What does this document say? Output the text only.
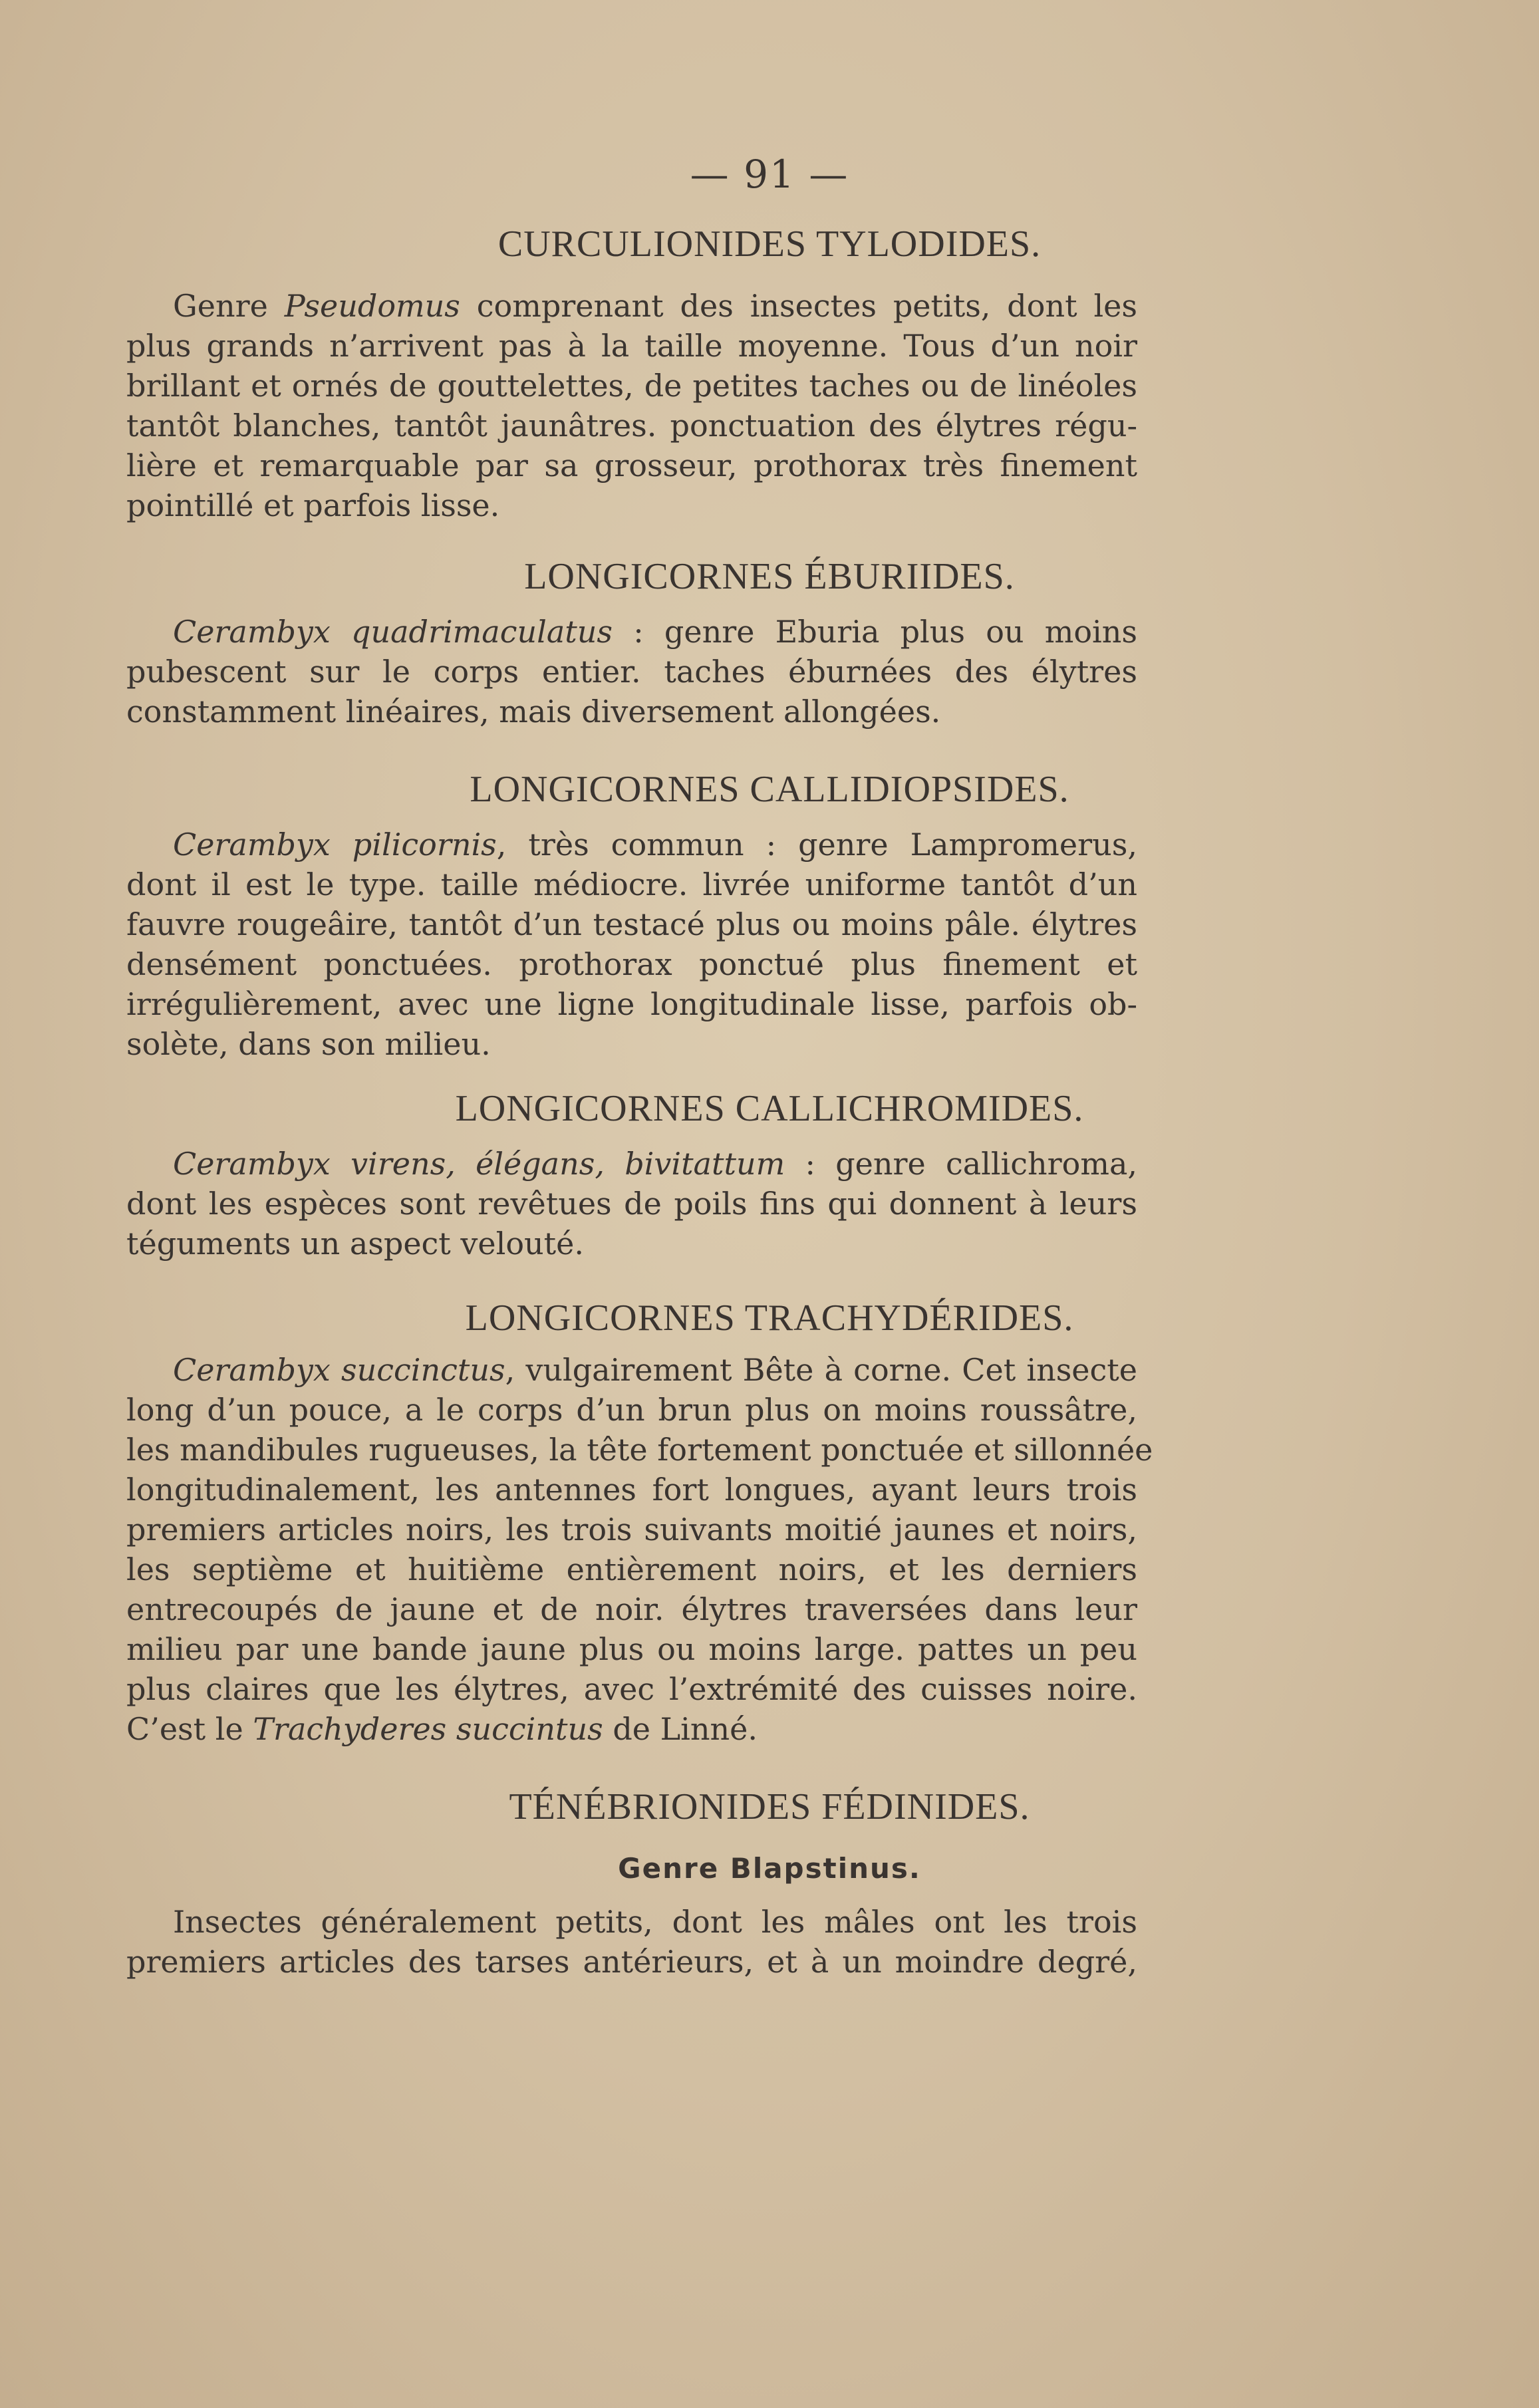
— 91 —
CURCULIONIDES TYLODIDES.
Genre Pseudomus comprenant des insectes petits, dont les
plus grands n’arrivent pas à la taille moyenne. Tous d’un noir
brillant et ornés de gouttelettes, de petites taches ou de linéoles
tantôt blanches, tantôt jaunâtres. ponctuation des élytres régu-
lière et remarquable par sa grosseur, prothorax très finement
pointillé et parfois lisse.
LONGICORNES ÉBURIIDES.
Cerambyx quadrimaculatus : genre Eburia plus ou moins
pubescent sur le corps entier. taches éburnées des élytres
constamment linéaires, mais diversement allongées.
LONGICORNES CALLIDIOPSIDES.
Cerambyx pilicornis, très commun : genre Lampromerus,
dont il est le type. taille médiocre. livrée uniforme tantôt d’un
fauvre rougeâire, tantôt d’un testacé plus ou moins pâle. élytres
densément ponctuées. prothorax ponctué plus finement et
irrégulièrement, avec une ligne longitudinale lisse, parfois ob-
solète, dans son milieu.
LONGICORNES CALLICHROMIDES.
Cerambyx virens, élégans, bivitattum : genre callichroma,
dont les espèces sont revêtues de poils fins qui donnent à leurs
téguments un aspect velouté.
LONGICORNES TRACHYDÉRIDES.
Cerambyx succinctus, vulgairement Bête à corne. Cet insecte
long d’un pouce, a le corps d’un brun plus on moins roussâtre,
les mandibules rugueuses, la tête fortement ponctuée et sillonnée
longitudinalement, les antennes fort longues, ayant leurs trois
premiers articles noirs, les trois suivants moitié jaunes et noirs,
les septième et huitième entièrement noirs, et les derniers
entrecoupés de jaune et de noir. élytres traversées dans leur
milieu par une bande jaune plus ou moins large. pattes un peu
plus claires que les élytres, avec l’extrémité des cuisses noire.
C’est le Trachyderes succintus de Linné.
TÉNÉBRIONIDES FÉDINIDES.
Genre Blapstinus.
Insectes généralement petits, dont les mâles ont les trois
premiers articles des tarses antérieurs, et à un moindre degré,
